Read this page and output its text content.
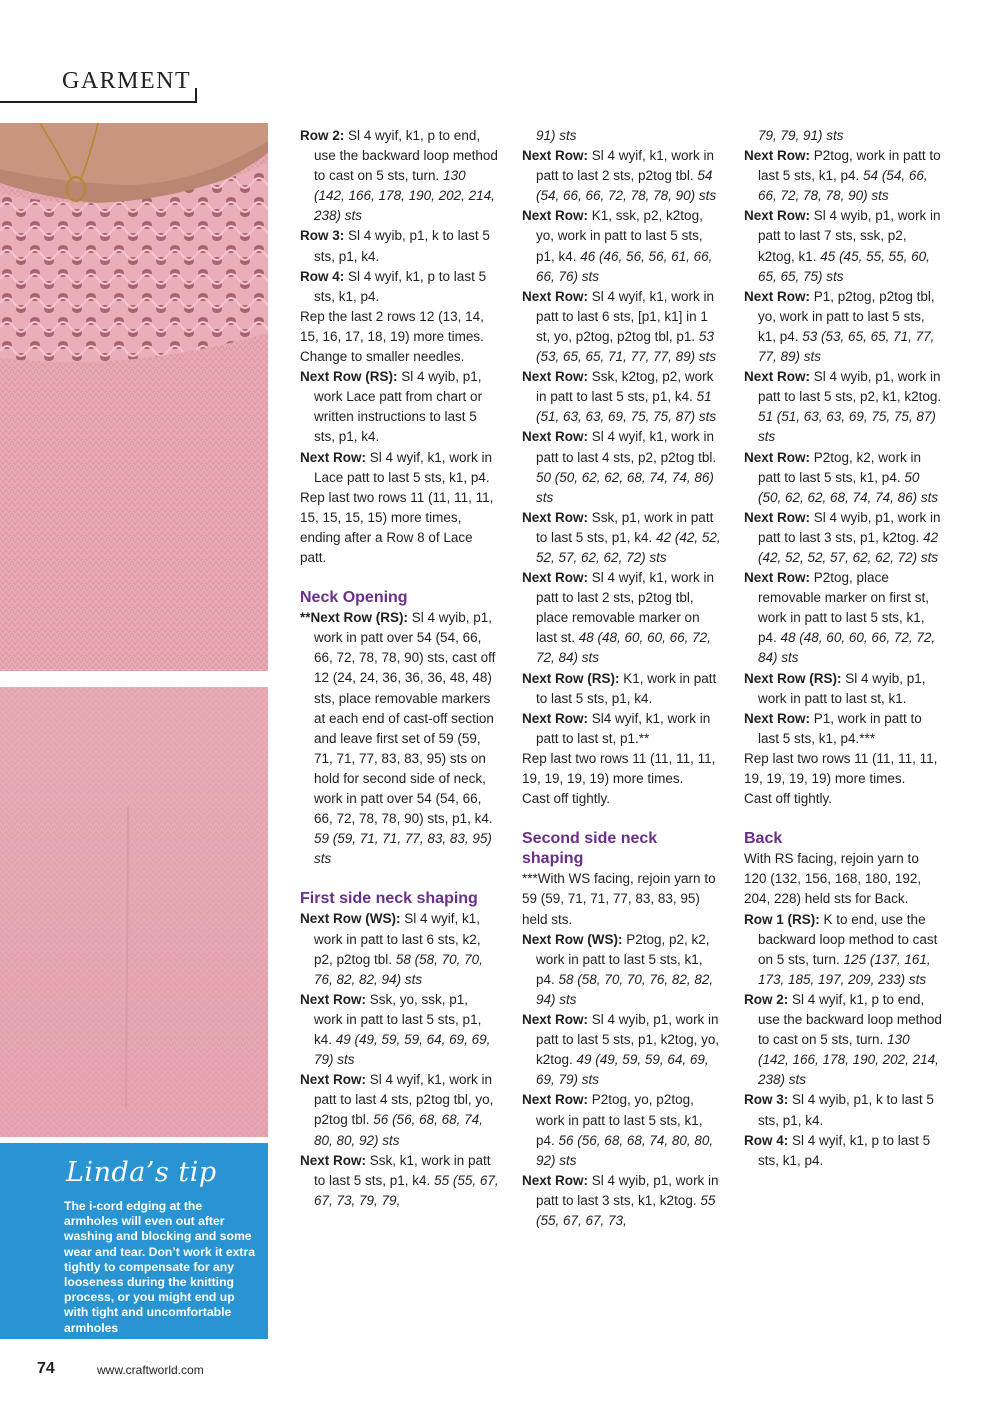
GARMENT
Linda’s tip

The i-cord edging at the armholes will even out after washing and blocking and some wear and tear. Don’t work it extra tightly to compensate for any looseness during the knitting process, or you might end up with tight and uncomfortable armholes

Row 2: Sl 4 wyif, k1, p to end, use the backward loop method to cast on 5 sts, turn. 130 (142, 166, 178, 190, 202, 214, 238) sts
Row 3: Sl 4 wyib, p1, k to last 5 sts, p1, k4.
Row 4: Sl 4 wyif, k1, p to last 5 sts, k1, p4.
Rep the last 2 rows 12 (13, 14, 15, 16, 17, 18, 19) more times.
Change to smaller needles.
Next Row (RS): Sl 4 wyib, p1, work Lace patt from chart or written instructions to last 5 sts, p1, k4.
Next Row: Sl 4 wyif, k1, work in Lace patt to last 5 sts, k1, p4.
Rep last two rows 11 (11, 11, 11, 15, 15, 15, 15) more times, ending after a Row 8 of Lace patt.
Neck Opening
**Next Row (RS): Sl 4 wyib, p1, work in patt over 54 (54, 66, 66, 72, 78, 78, 90) sts, cast off 12 (24, 24, 36, 36, 36, 48, 48) sts, place removable markers at each end of cast-off section and leave first set of 59 (59, 71, 71, 77, 83, 83, 95) sts on hold for second side of neck, work in patt over 54 (54, 66, 66, 72, 78, 78, 90) sts, p1, k4. 59 (59, 71, 71, 77, 83, 83, 95) sts
First side neck shaping
Next Row (WS): Sl 4 wyif, k1, work in patt to last 6 sts, k2, p2, p2tog tbl. 58 (58, 70, 70, 76, 82, 82, 94) sts
Next Row: Ssk, yo, ssk, p1, work in patt to last 5 sts, p1, k4. 49 (49, 59, 59, 64, 69, 69, 79) sts
Next Row: Sl 4 wyif, k1, work in patt to last 4 sts, p2tog tbl, yo, p2tog tbl. 56 (56, 68, 68, 74, 80, 80, 92) sts
Next Row: Ssk, k1, work in patt to last 5 sts, p1, k4. 55 (55, 67, 67, 73, 79, 79,
91) sts
Next Row: Sl 4 wyif, k1, work in patt to last 2 sts, p2tog tbl. 54 (54, 66, 66, 72, 78, 78, 90) sts
Next Row: K1, ssk, p2, k2tog, yo, work in patt to last 5 sts, p1, k4. 46 (46, 56, 56, 61, 66, 66, 76) sts
Next Row: Sl 4 wyif, k1, work in patt to last 6 sts, [p1, k1] in 1 st, yo, p2tog, p2tog tbl, p1. 53 (53, 65, 65, 71, 77, 77, 89) sts
Next Row: Ssk, k2tog, p2, work in patt to last 5 sts, p1, k4. 51 (51, 63, 63, 69, 75, 75, 87) sts
Next Row: Sl 4 wyif, k1, work in patt to last 4 sts, p2, p2tog tbl. 50 (50, 62, 62, 68, 74, 74, 86) sts
Next Row: Ssk, p1, work in patt to last 5 sts, p1, k4. 42 (42, 52, 52, 57, 62, 62, 72) sts
Next Row: Sl 4 wyif, k1, work in patt to last 2 sts, p2tog tbl, place removable marker on last st. 48 (48, 60, 60, 66, 72, 72, 84) sts
Next Row (RS): K1, work in patt to last 5 sts, p1, k4.
Next Row: Sl4 wyif, k1, work in patt to last st, p1.**
Rep last two rows 11 (11, 11, 11, 19, 19, 19, 19) more times.
Cast off tightly.
Second side neck shaping
***With WS facing, rejoin yarn to 59 (59, 71, 71, 77, 83, 83, 95) held sts.
Next Row (WS): P2tog, p2, k2, work in patt to last 5 sts, k1, p4. 58 (58, 70, 70, 76, 82, 82, 94) sts
Next Row: Sl 4 wyib, p1, work in patt to last 5 sts, p1, k2tog, yo, k2tog. 49 (49, 59, 59, 64, 69, 69, 79) sts
Next Row: P2tog, yo, p2tog, work in patt to last 5 sts, k1, p4. 56 (56, 68, 68, 74, 80, 80, 92) sts
Next Row: Sl 4 wyib, p1, work in patt to last 3 sts, k1, k2tog. 55 (55, 67, 67, 73,
79, 79, 91) sts
Next Row: P2tog, work in patt to last 5 sts, k1, p4. 54 (54, 66, 66, 72, 78, 78, 90) sts
Next Row: Sl 4 wyib, p1, work in patt to last 7 sts, ssk, p2, k2tog, k1. 45 (45, 55, 55, 60, 65, 65, 75) sts
Next Row: P1, p2tog, p2tog tbl, yo, work in patt to last 5 sts, k1, p4. 53 (53, 65, 65, 71, 77, 77, 89) sts
Next Row: Sl 4 wyib, p1, work in patt to last 5 sts, p2, k1, k2tog. 51 (51, 63, 63, 69, 75, 75, 87) sts
Next Row: P2tog, k2, work in patt to last 5 sts, k1, p4. 50 (50, 62, 62, 68, 74, 74, 86) sts
Next Row: Sl 4 wyib, p1, work in patt to last 3 sts, p1, k2tog. 42 (42, 52, 52, 57, 62, 62, 72) sts
Next Row: P2tog, place removable marker on first st, work in patt to last 5 sts, k1, p4. 48 (48, 60, 60, 66, 72, 72, 84) sts
Next Row (RS): Sl 4 wyib, p1, work in patt to last st, k1.
Next Row: P1, work in patt to last 5 sts, k1, p4.***
Rep last two rows 11 (11, 11, 11, 19, 19, 19, 19) more times.
Cast off tightly.
Back
With RS facing, rejoin yarn to 120 (132, 156, 168, 180, 192, 204, 228) held sts for Back.
Row 1 (RS): K to end, use the backward loop method to cast on 5 sts, turn. 125 (137, 161, 173, 185, 197, 209, 233) sts
Row 2: Sl 4 wyif, k1, p to end, use the backward loop method to cast on 5 sts, turn. 130 (142, 166, 178, 190, 202, 214, 238) sts
Row 3: Sl 4 wyib, p1, k to last 5 sts, p1, k4.
Row 4: Sl 4 wyif, k1, p to last 5 sts, k1, p4.
74	www.craftworld.com
